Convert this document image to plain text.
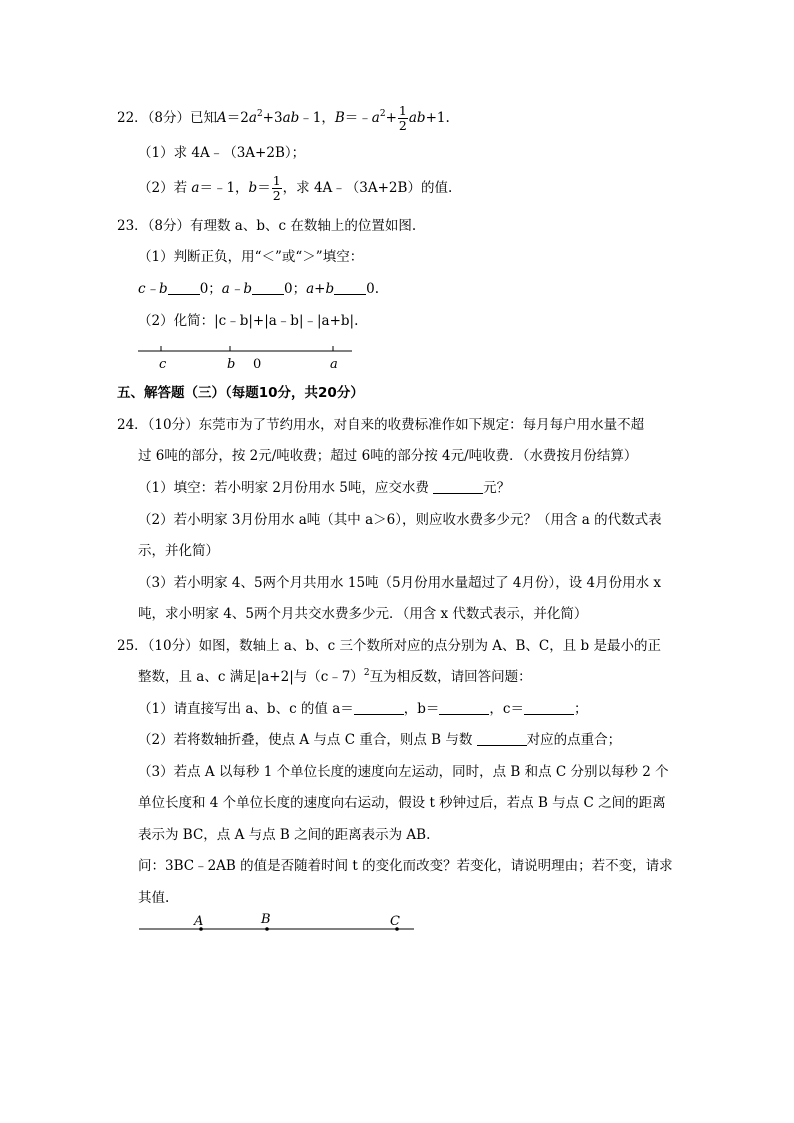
22．（8分）已知$A=2a^2+3ab﹣1$，$B=﹣a^2+ \frac{1}{2} ab+1$.
（1）求 4A﹣（3A+2B）；
（2）若 a＝﹣1，$b= \frac{1}{2}$ ，求 4A﹣（3A+2B）的值.
23．（8分）有理数 a、b、c 在数轴上的位置如图.
（1）判断正负，用“＜”或“＞”填空：
c﹣b 0；a﹣b 0；a+b 0.
（2）化简：|c﹣b|+|a﹣b|﹣|a+b|.
c	b 0	a
五、解答题（三）（每题10分，共20分）
24．（10分）东莞市为了节约用水，对自来的收费标准作如下规定：每月每户用水量不超
过 6吨的部分，按 2元/吨收费；超过 6吨的部分按 4元/吨收费．（水费按月份结算）
（1）填空：若小明家 2月份用水 5吨，应交水费	元？
（2）若小明家 3月份用水 a吨（其中 a＞6），则应收水费多少元？（用含 a 的代数式表
示，并化简）
（3）若小明家 4、5两个月共用水 15吨（5月份用水量超过了 4月份），设 4月份用水 x
吨，求小明家 4、5两个月共交水费多少元．（用含 x 代数式表示，并化简）
25．（10分）如图，数轴上 a、b、c 三个数所对应的点分别为 A、B、C，且 b 是最小的正
整数，且 a、c 满足|a+2|与（c﹣7）$^2$互为相反数，请回答问题：
（1）请直接写出 a、b、c 的值 a＝	，b＝	，c＝	；
（2）若将数轴折叠，使点 A 与点 C 重合，则点 B 与数	对应的点重合；
（3）若点 A 以每秒 1 个单位长度的速度向左运动，同时，点 B 和点 C 分别以每秒 2 个
单位长度和 4 个单位长度的速度向右运动，假设 t 秒钟过后，若点 B 与点 C 之间的距离
表示为 BC，点 A 与点 B 之间的距离表示为 AB.
问：3BC﹣2AB 的值是否随着时间 t 的变化而改变？若变化，请说明理由；若不变，请求
其值.
A	B	C
